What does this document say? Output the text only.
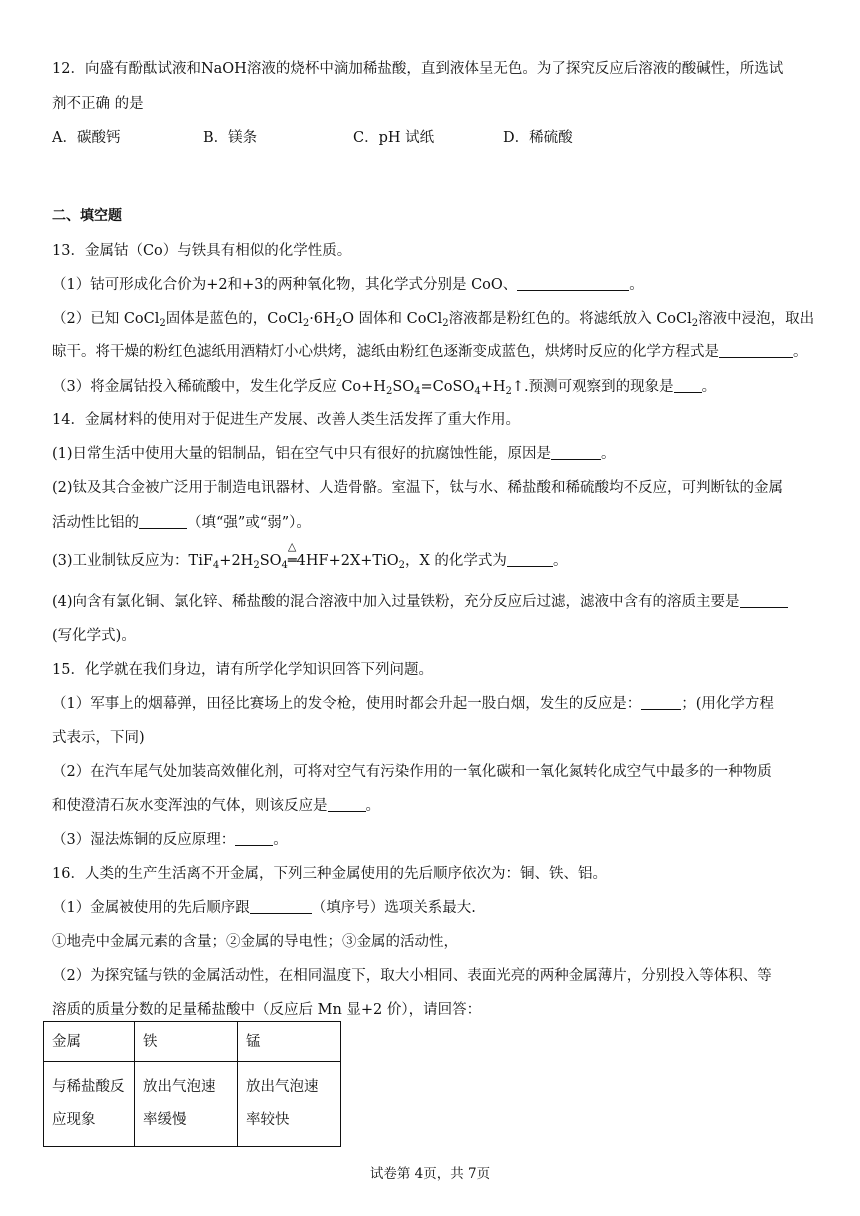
12．向盛有酚酞试液和NaOH溶液的烧杯中滴加稀盐酸，直到液体呈无色。为了探究反应后溶液的酸碱性，所选试
剂不正确 的是
A．碳酸钙	B．镁条	C．pH 试纸	D．稀硫酸
二、填空题
13．金属钴（Co）与铁具有相似的化学性质。
（1）钴可形成化合价为+2和+3的两种氧化物，其化学式分别是 CoO、	。
（2）已知 CoCl$_2$固体是蓝色的，$CoCl_2\cdot 6H_2O$ 固体和 CoCl$_2$溶液都是粉红色的。将滤纸放入 CoCl$_2$溶液中浸泡，取出
晾干。将干燥的粉红色滤纸用酒精灯小心烘烤，滤纸由粉红色逐渐变成蓝色，烘烤时反应的化学方程式是	。
（3）将金属钴投入稀硫酸中，发生化学反应 $Co+H_2SO_4=CoSO_4+H_2↑$.预测可观察到的现象是 。
14．金属材料的使用对于促进生产发展、改善人类生活发挥了重大作用。
(1)日常生活中使用大量的铝制品，铝在空气中只有很好的抗腐蚀性能，原因是	。
(2)钛及其合金被广泛用于制造电讯器材、人造骨骼。室温下，钛与水、稀盐酸和稀硫酸均不反应，可判断钛的金属
活动性比铝的	（填“强”或“弱”）。
(3)工业制钛反应为：$TiF_4+2H_2SO_4$
△
═4HF+2X+TiO$_2$，X 的化学式为	。
(4)向含有氯化铜、氯化锌、稀盐酸的混合溶液中加入过量铁粉，充分反应后过滤，滤液中含有的溶质主要是
(写化学式)。
15．化学就在我们身边，请有所学化学知识回答下列问题。
（1）军事上的烟幕弹，田径比赛场上的发令枪，使用时都会升起一股白烟，发生的反应是：	；(用化学方程
式表示，下同)
（2）在汽车尾气处加装高效催化剂，可将对空气有污染作用的一氧化碳和一氧化氮转化成空气中最多的一种物质
和使澄清石灰水变浑浊的气体，则该反应是	。
（3）湿法炼铜的反应原理：	。
16．人类的生产生活离不开金属，下列三种金属使用的先后顺序依次为：铜、铁、铝。
（1）金属被使用的先后顺序跟	（填序号）选项关系最大.
①地壳中金属元素的含量；②金属的导电性；③金属的活动性，
（2）为探究锰与铁的金属活动性，在相同温度下，取大小相同、表面光亮的两种金属薄片，分别投入等体积、等
溶质的质量分数的足量稀盐酸中（反应后 Mn 显+2 价），请回答：
金属	铁	锰
与稀盐酸反应现象	放出气泡速率缓慢	放出气泡速率较快
试卷第 4页，共 7页
